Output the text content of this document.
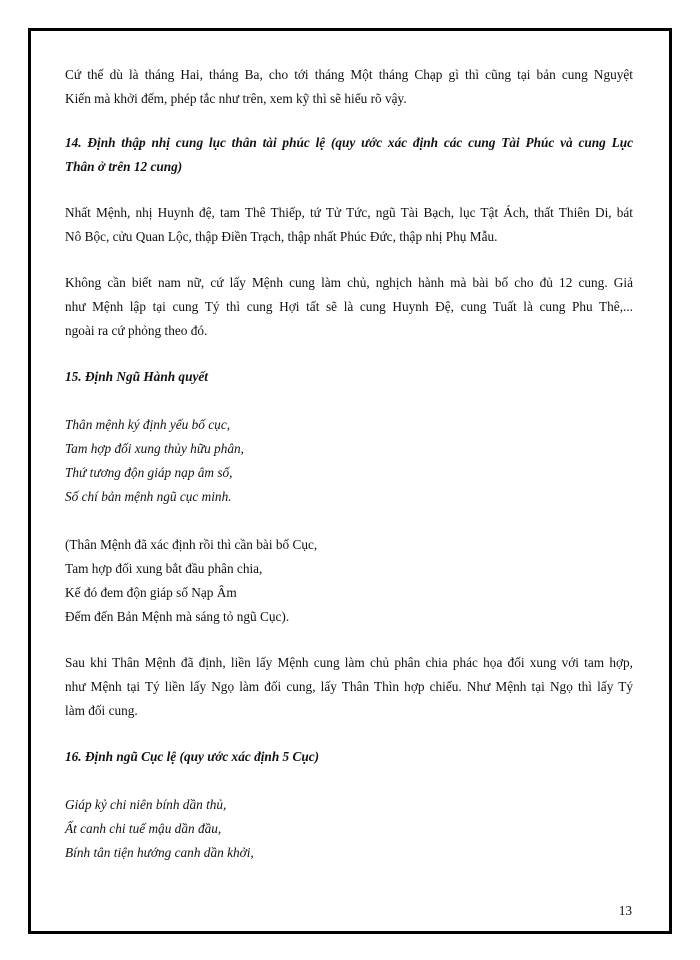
Cứ thế dù là tháng Hai, tháng Ba, cho tới tháng Một tháng Chạp gì thì cũng tại bản cung Nguyệt
Kiến mà khởi đếm, phép tắc như trên, xem kỹ thì sẽ hiểu rõ vậy.
14. Định thập nhị cung lục thân tài phúc lệ (quy ước xác định các cung Tài Phúc và cung Lục
Thân ở trên 12 cung)
Nhất Mệnh, nhị Huynh đệ, tam Thê Thiếp, tứ Tử Tức, ngũ Tài Bạch, lục Tật Ách, thất Thiên Di, bát
Nô Bộc, cửu Quan Lộc, thập Điền Trạch, thập nhất Phúc Đức, thập nhị Phụ Mẫu.
Không cần biết nam nữ, cứ lấy Mệnh cung làm chủ, nghịch hành mà bài bố cho đủ 12 cung. Giả
như Mệnh lập tại cung Tý thì cung Hợi tất sẽ là cung Huynh Đệ, cung Tuất là cung Phu Thê,...
ngoài ra cứ phỏng theo đó.
15. Định Ngũ Hành quyết
Thân mệnh ký định yếu bố cục,
Tam hợp đối xung thủy hữu phân,
Thứ tương độn giáp nạp âm số,
Số chí bản mệnh ngũ cục minh.
(Thân Mệnh đã xác định rồi thì cần bài bố Cục,
Tam hợp đối xung bắt đầu phân chia,
Kế đó đem độn giáp số Nạp Âm
Đếm đến Bản Mệnh mà sáng tỏ ngũ Cục).
Sau khi Thân Mệnh đã định, liền lấy Mệnh cung làm chủ phân chia phác họa đối xung với tam hợp,
như Mệnh tại Tý liền lấy Ngọ làm đối cung, lấy Thân Thìn hợp chiếu. Như Mệnh tại Ngọ thì lấy Tý
làm đối cung.
16. Định ngũ Cục lệ (quy ước xác định 5 Cục)
Giáp kỷ chi niên bính dần thủ,
Ất canh chi tuế mậu dần đầu,
Bính tân tiện hướng canh dần khởi,
13
